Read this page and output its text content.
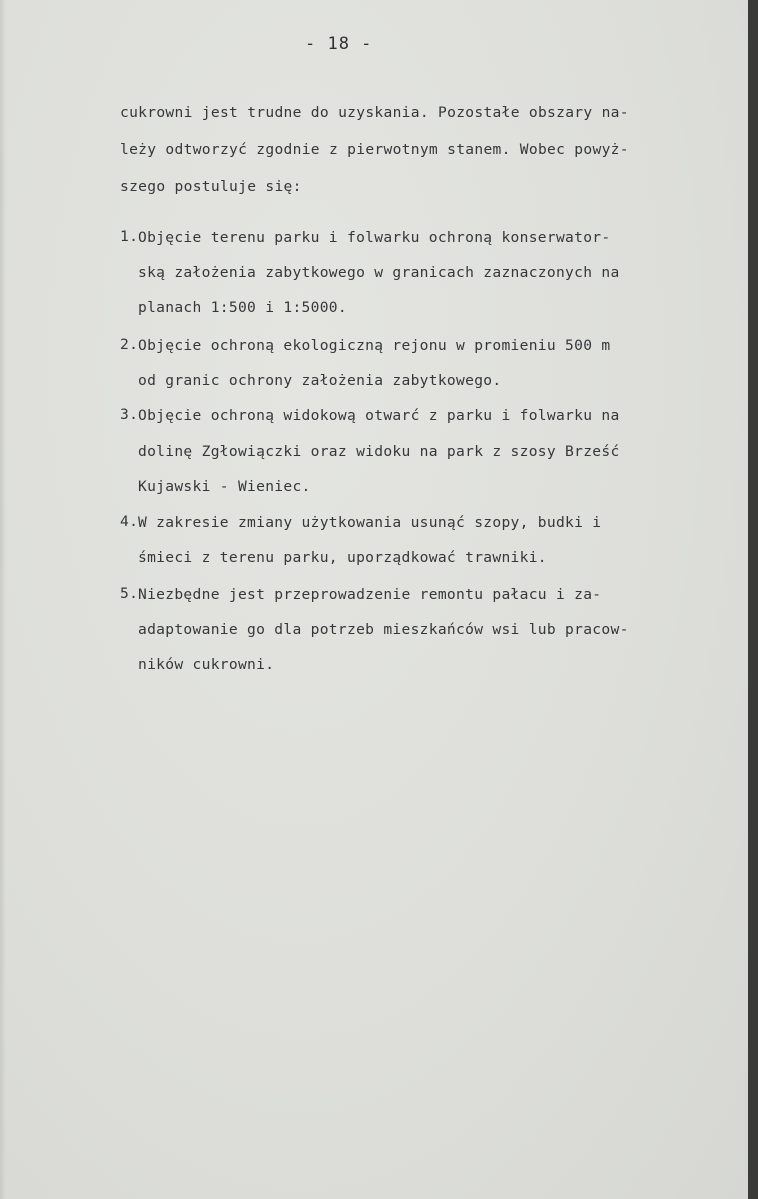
- 18 -
cukrowni jest trudne do uzyskania. Pozostałe obszary na-
leży odtworzyć zgodnie z pierwotnym stanem. Wobec powyż-
szego postuluje się:
1. Objęcie terenu parku i folwarku ochroną konserwator-
ską założenia zabytkowego w granicach zaznaczonych na
planach 1:500 i 1:5000.
2. Objęcie ochroną ekologiczną rejonu w promieniu 500 m
od granic ochrony założenia zabytkowego.
3. Objęcie ochroną widokową otwarć z parku i folwarku na
dolinę Zgłowiączki oraz widoku na park z szosy Brześć
Kujawski - Wieniec.
4. W zakresie zmiany użytkowania usunąć szopy, budki i
śmieci z terenu parku, uporządkować trawniki.
5. Niezbędne jest przeprowadzenie remontu pałacu i za-
adaptowanie go dla potrzeb mieszkańców wsi lub pracow-
ników cukrowni.
